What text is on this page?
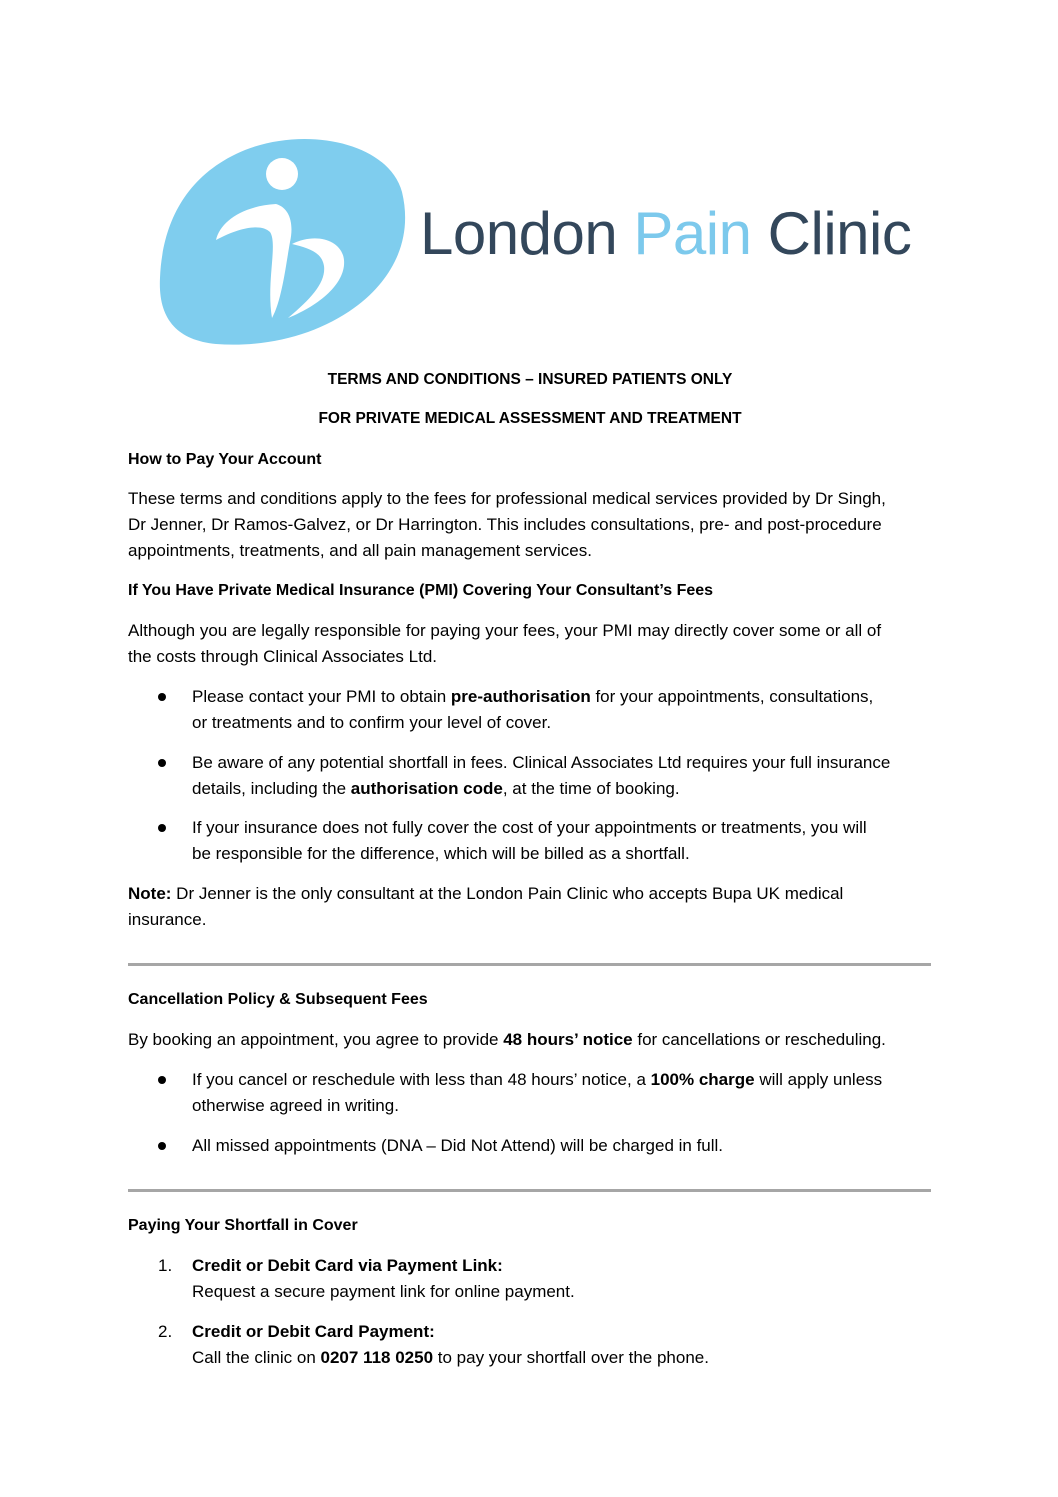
London Pain Clinic

TERMS AND CONDITIONS – INSURED PATIENTS ONLY

FOR PRIVATE MEDICAL ASSESSMENT AND TREATMENT

How to Pay Your Account

These terms and conditions apply to the fees for professional medical services provided by Dr Singh,

Dr Jenner, Dr Ramos-Galvez, or Dr Harrington. This includes consultations, pre- and post-procedure

appointments, treatments, and all pain management services.

If You Have Private Medical Insurance (PMI) Covering Your Consultant’s Fees

Although you are legally responsible for paying your fees, your PMI may directly cover some or all of

the costs through Clinical Associates Ltd.

Please contact your PMI to obtain pre-authorisation for your appointments, consultations,

or treatments and to confirm your level of cover.

Be aware of any potential shortfall in fees. Clinical Associates Ltd requires your full insurance

details, including the authorisation code, at the time of booking.

If your insurance does not fully cover the cost of your appointments or treatments, you will

be responsible for the difference, which will be billed as a shortfall.

Note: Dr Jenner is the only consultant at the London Pain Clinic who accepts Bupa UK medical

insurance.

Cancellation Policy & Subsequent Fees

By booking an appointment, you agree to provide 48 hours’ notice for cancellations or rescheduling.

If you cancel or reschedule with less than 48 hours’ notice, a 100% charge will apply unless

otherwise agreed in writing.

All missed appointments (DNA – Did Not Attend) will be charged in full.

Paying Your Shortfall in Cover

1. Credit or Debit Card via Payment Link:

Request a secure payment link for online payment.

2. Credit or Debit Card Payment:

Call the clinic on 0207 118 0250 to pay your shortfall over the phone.
